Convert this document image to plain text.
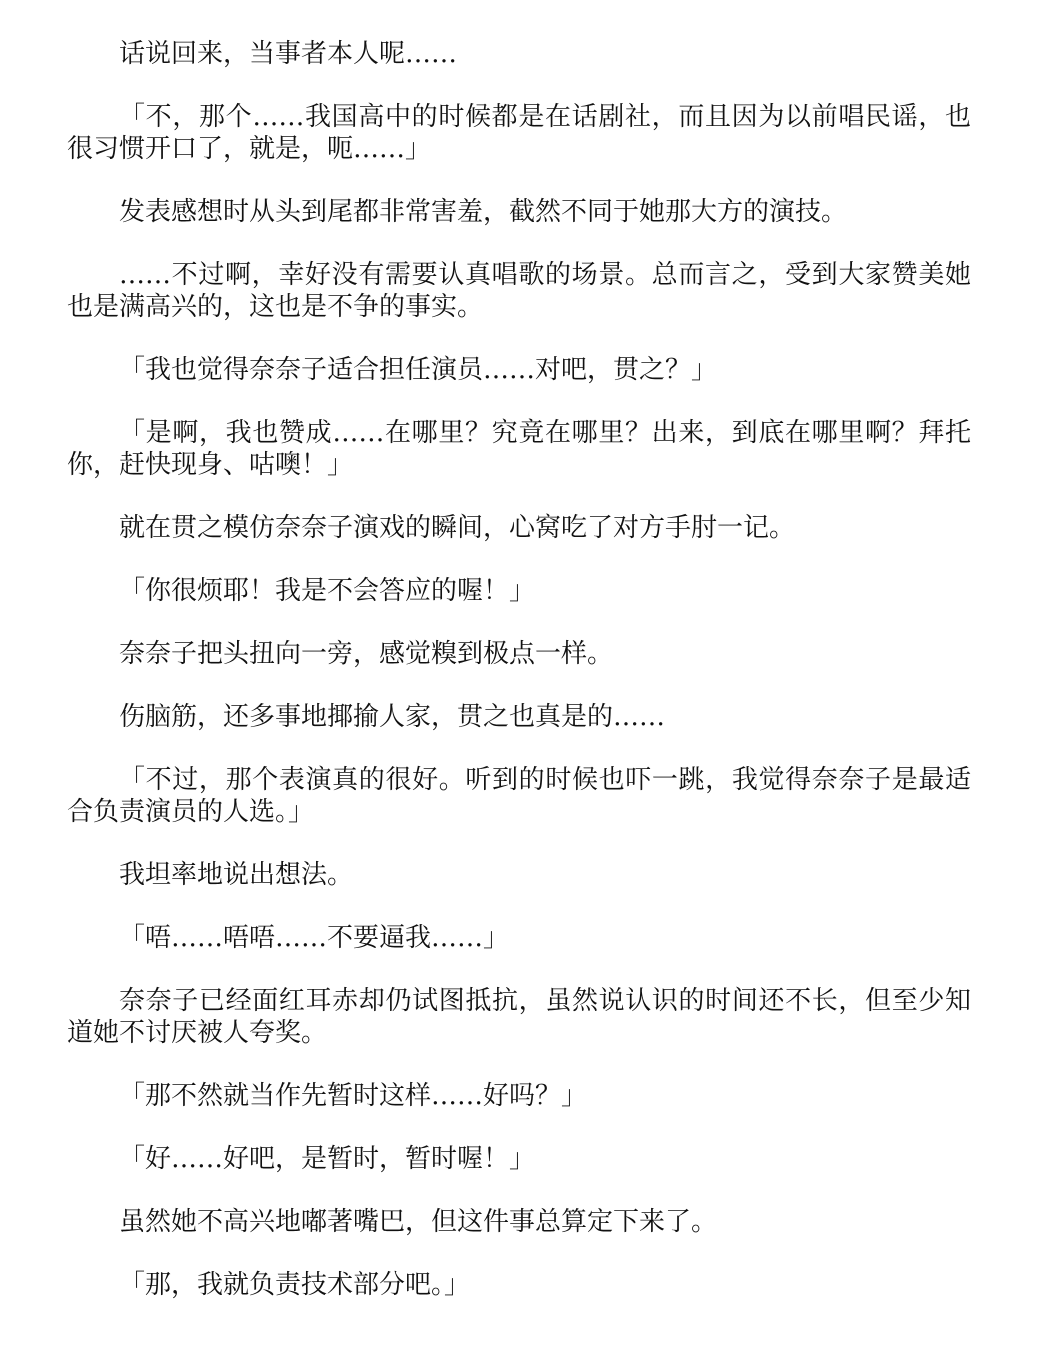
话说回来，当事者本人呢……

「不，那个……我国高中的时候都是在话剧社，而且因为以前唱民谣，也很习惯开口了，就是，呃……」

发表感想时从头到尾都非常害羞，截然不同于她那大方的演技。

……不过啊，幸好没有需要认真唱歌的场景。总而言之，受到大家赞美她也是满高兴的，这也是不争的事实。

「我也觉得奈奈子适合担任演员……对吧，贯之？」

「是啊，我也赞成……在哪里？究竟在哪里？出来，到底在哪里啊？拜托你，赶快现身、咕噢！」

就在贯之模仿奈奈子演戏的瞬间，心窝吃了对方手肘一记。

「你很烦耶！我是不会答应的喔！」

奈奈子把头扭向一旁，感觉糗到极点一样。

伤脑筋，还多事地揶揄人家，贯之也真是的……

「不过，那个表演真的很好。听到的时候也吓一跳，我觉得奈奈子是最适合负责演员的人选。」

我坦率地说出想法。

「唔……唔唔……不要逼我……」

奈奈子已经面红耳赤却仍试图抵抗，虽然说认识的时间还不长，但至少知道她不讨厌被人夸奖。

「那不然就当作先暂时这样……好吗？」

「好……好吧，是暂时，暂时喔！」

虽然她不高兴地嘟著嘴巴，但这件事总算定下来了。

「那，我就负责技术部分吧。」
